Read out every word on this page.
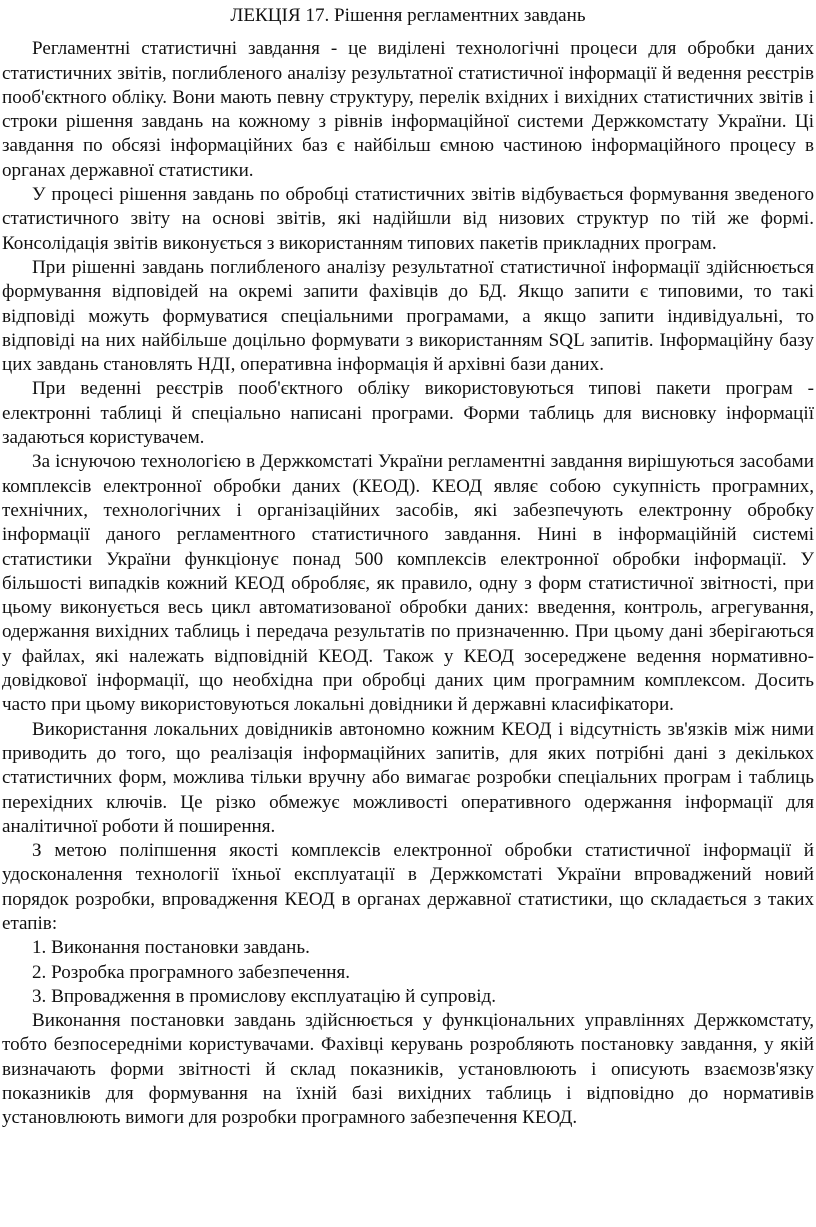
ЛЕКЦІЯ 17. Рішення регламентних завдань

Регламентні статистичні завдання - це виділені технологічні процеси для обробки даних статистичних звітів, поглибленого аналізу результатної статистичної інформації й ведення реєстрів пооб'єктного обліку. Вони мають певну структуру, перелік вхідних і вихідних статистичних звітів і строки рішення завдань на кожному з рівнів інформаційної системи Держкомстату України. Ці завдання по обсязі інформаційних баз є найбільш ємною частиною інформаційного процесу в органах державної статистики.

У процесі рішення завдань по обробці статистичних звітів відбувається формування зведеного статистичного звіту на основі звітів, які надійшли від низових структур по тій же формі. Консолідація звітів виконується з використанням типових пакетів прикладних програм.

При рішенні завдань поглибленого аналізу результатної статистичної інформації здійснюється формування відповідей на окремі запити фахівців до БД. Якщо запити є типовими, то такі відповіді можуть формуватися спеціальними програмами, а якщо запити індивідуальні, то відповіді на них найбільше доцільно формувати з використанням SQL запитів. Інформаційну базу цих завдань становлять НДІ, оперативна інформація й архівні бази даних.

При веденні реєстрів пооб'єктного обліку використовуються типові пакети програм - електронні таблиці й спеціально написані програми. Форми таблиць для висновку інформації задаються користувачем.

За існуючою технологією в Держкомстаті України регламентні завдання вирішуються засобами комплексів електронної обробки даних (КЕОД). КЕОД являє собою сукупність програмних, технічних, технологічних і організаційних засобів, які забезпечують електронну обробку інформації даного регламентного статистичного завдання. Нині в інформаційній системі статистики України функціонує понад 500 комплексів електронної обробки інформації. У більшості випадків кожний КЕОД обробляє, як правило, одну з форм статистичної звітності, при цьому виконується весь цикл автоматизованої обробки даних: введення, контроль, агрегування, одержання вихідних таблиць і передача результатів по призначенню. При цьому дані зберігаються у файлах, які належать відповідній КЕОД. Також у КЕОД зосереджене ведення нормативно-довідкової інформації, що необхідна при обробці даних цим програмним комплексом. Досить часто при цьому використовуються локальні довідники й державні класифікатори.

Використання локальних довідників автономно кожним КЕОД і відсутність зв'язків між ними приводить до того, що реалізація інформаційних запитів, для яких потрібні дані з декількох статистичних форм, можлива тільки вручну або вимагає розробки спеціальних програм і таблиць перехідних ключів. Це різко обмежує можливості оперативного одержання інформації для аналітичної роботи й поширення.

З метою поліпшення якості комплексів електронної обробки статистичної інформації й удосконалення технології їхньої експлуатації в Держкомстаті України впроваджений новий порядок розробки, впровадження КЕОД в органах державної статистики, що складається з таких етапів:

1. Виконання постановки завдань.
2. Розробка програмного забезпечення.
3. Впровадження в промислову експлуатацію й супровід.

Виконання постановки завдань здійснюється у функціональних управліннях Держкомстату, тобто безпосередніми користувачами. Фахівці керувань розробляють постановку завдання, у якій визначають форми звітності й склад показників, установлюють і описують взаємозв'язку показників для формування на їхній базі вихідних таблиць і відповідно до нормативів установлюють вимоги для розробки програмного забезпечення КЕОД.
